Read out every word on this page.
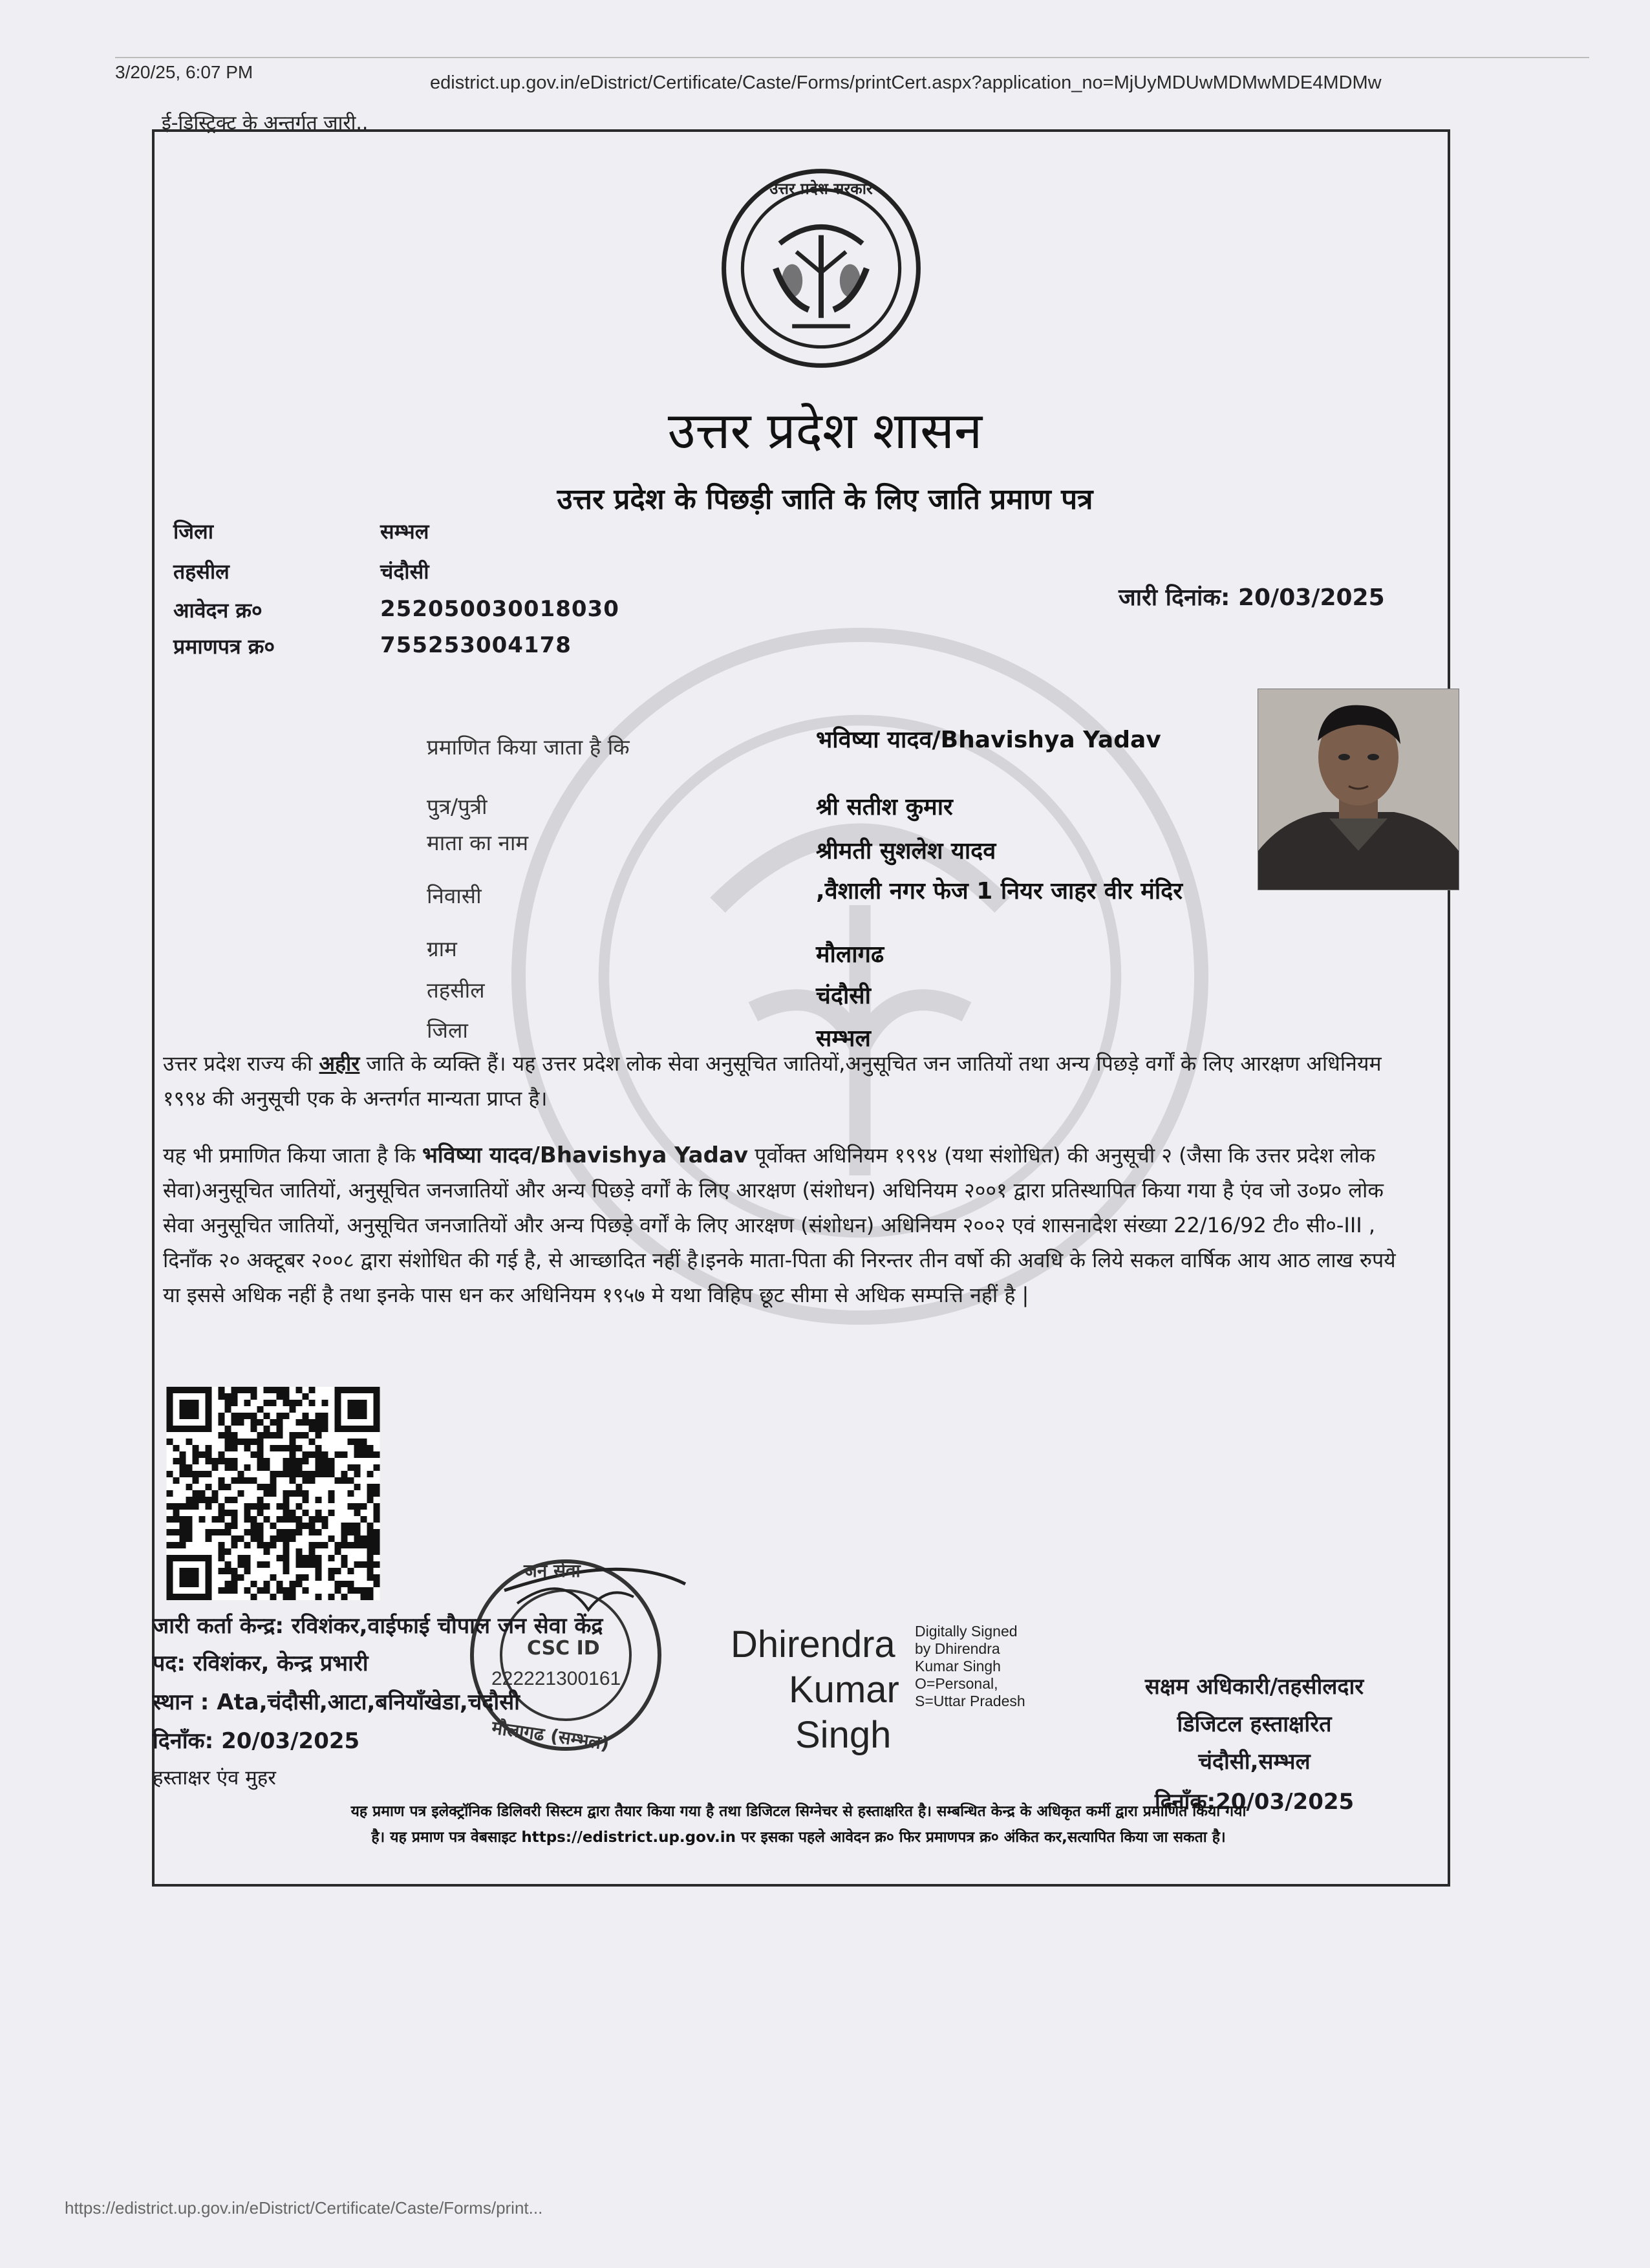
3/20/25, 6:07 PM
edistrict.up.gov.in/eDistrict/Certificate/Caste/Forms/printCert.aspx?application_no=MjUyMDUwMDMwMDE4MDMw
ई-डिस्ट्रिक्ट के अन्तर्गत जारी..
उत्तर प्रदेश सरकार
उत्तर प्रदेश शासन
उत्तर प्रदेश के पिछड़ी जाति के लिए जाति प्रमाण पत्र
जिला	सम्भल
तहसील	चंदौसी
आवेदन क्र०	252050030018030
प्रमाणपत्र क्र०	755253004178
जारी दिनांक: 20/03/2025
प्रमाणित किया जाता है कि	भविष्या यादव/Bhavishya Yadav
पुत्र/पुत्री	श्री सतीश कुमार
माता का नाम	श्रीमती सुशलेश यादव
निवासी	,वैशाली नगर फेज 1 नियर जाहर वीर मंदिर
ग्राम	मौलागढ
तहसील	चंदौसी
जिला	सम्भल
उत्तर प्रदेश राज्य की अहीर जाति के व्यक्ति हैं। यह उत्तर प्रदेश लोक सेवा अनुसूचित जातियों,अनुसूचित जन जातियों तथा अन्य पिछड़े वर्गों के लिए आरक्षण अधिनियम १९९४ की अनुसूची एक के अन्तर्गत मान्यता प्राप्त है।
यह भी प्रमाणित किया जाता है कि भविष्या यादव/Bhavishya Yadav पूर्वोक्त अधिनियम १९९४ (यथा संशोधित) की अनुसूची २ (जैसा कि उत्तर प्रदेश लोक सेवा)अनुसूचित जातियों, अनुसूचित जनजातियों और अन्य पिछड़े वर्गों के लिए आरक्षण (संशोधन) अधिनियम २००१ द्वारा प्रतिस्थापित किया गया है एंव जो उ०प्र० लोक सेवा अनुसूचित जातियों, अनुसूचित जनजातियों और अन्य पिछड़े वर्गों के लिए आरक्षण (संशोधन) अधिनियम २००२ एवं शासनादेश संख्या 22/16/92 टी० सी०-III , दिनाँक २० अक्टूबर २००८ द्वारा संशोधित की गई है, से आच्छादित नहीं है।इनके माता-पिता की निरन्तर तीन वर्षो की अवधि के लिये सकल वार्षिक आय आठ लाख रुपये या इससे अधिक नहीं है तथा इनके पास धन कर अधिनियम १९५७ मे यथा विहिप छूट सीमा से अधिक सम्पत्ति नहीं है |
जन सेवा
CSC ID
222221300161
मौलागढ (सम्भल)
जारी कर्ता केन्द्र: रविशंकर,वाईफाई चौपाल जन सेवा केंद्र
पद: रविशंकर, केन्द्र प्रभारी
स्थान : Ata,चंदौसी,आटा,बनियाँखेडा,चंदौसी
दिनाँक: 20/03/2025
हस्ताक्षर एंव मुहर
Dhirendra
Kumar
Singh
Digitally Signed
by Dhirendra
Kumar Singh
O=Personal,
S=Uttar Pradesh
सक्षम अधिकारी/तहसीलदार
डिजिटल हस्ताक्षरित
चंदौसी,सम्भल
दिनाँक:20/03/2025
यह प्रमाण पत्र इलेक्ट्रॉनिक डिलिवरी सिस्टम द्वारा तैयार किया गया है तथा डिजिटल सिग्नेचर से हस्ताक्षरित है। सम्बन्धित केन्द्र के अधिकृत कर्मी द्वारा प्रमाणित किया गया
है। यह प्रमाण पत्र वेबसाइट https://edistrict.up.gov.in पर इसका पहले आवेदन क्र० फिर प्रमाणपत्र क्र० अंकित कर,सत्यापित किया जा सकता है।
https://edistrict.up.gov.in/eDistrict/Certificate/Caste/Forms/print...
